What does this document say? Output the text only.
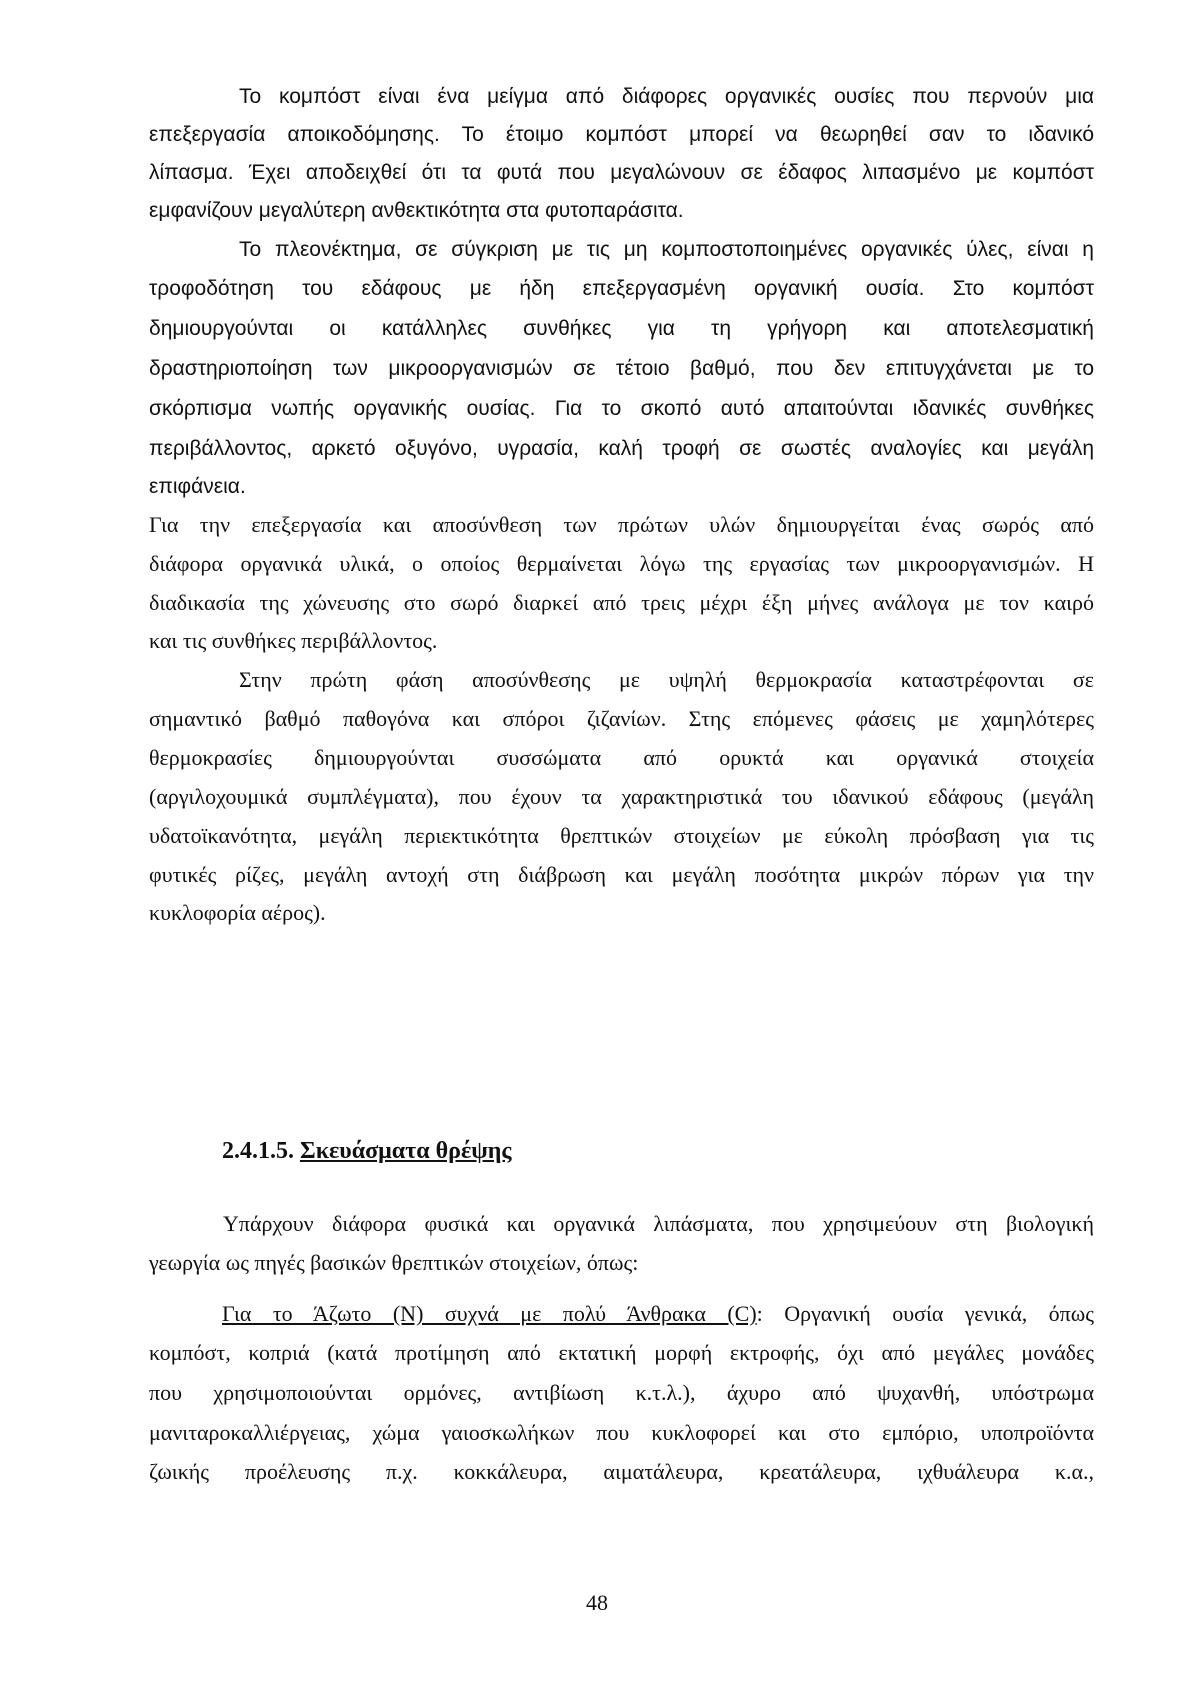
Το κομπόστ είναι ένα μείγμα από διάφορες οργανικές ουσίες που περνούν μια

επεξεργασία αποικοδόμησης. Το έτοιμο κομπόστ μπορεί να θεωρηθεί σαν το ιδανικό

λίπασμα. Έχει αποδειχθεί ότι τα φυτά που μεγαλώνουν σε έδαφος λιπασμένο με κομπόστ

εμφανίζουν μεγαλύτερη ανθεκτικότητα στα φυτοπαράσιτα.

Το πλεονέκτημα, σε σύγκριση με τις μη κομποστοποιημένες οργανικές ύλες, είναι η

τροφοδότηση του εδάφους με ήδη επεξεργασμένη οργανική ουσία. Στο κομπόστ

δημιουργούνται οι κατάλληλες συνθήκες για τη γρήγορη και αποτελεσματική

δραστηριοποίηση των μικροοργανισμών σε τέτοιο βαθμό, που δεν επιτυγχάνεται με το

σκόρπισμα νωπής οργανικής ουσίας. Για το σκοπό αυτό απαιτούνται ιδανικές συνθήκες

περιβάλλοντος, αρκετό οξυγόνο, υγρασία, καλή τροφή σε σωστές αναλογίες και μεγάλη

επιφάνεια.

Για την επεξεργασία και αποσύνθεση των πρώτων υλών δημιουργείται ένας σωρός από

διάφορα οργανικά υλικά, ο οποίος θερμαίνεται λόγω της εργασίας των μικροοργανισμών. Η

διαδικασία της χώνευσης στο σωρό διαρκεί από τρεις μέχρι έξη μήνες ανάλογα με τον καιρό

και τις συνθήκες περιβάλλοντος.

Στην πρώτη φάση αποσύνθεσης με υψηλή θερμοκρασία καταστρέφονται σε

σημαντικό βαθμό παθογόνα και σπόροι ζιζανίων. Στης επόμενες φάσεις με χαμηλότερες

θερμοκρασίες δημιουργούνται συσσώματα από ορυκτά και οργανικά στοιχεία

(αργιλοχουμικά συμπλέγματα), που έχουν τα χαρακτηριστικά του ιδανικού εδάφους (μεγάλη

υδατοϊκανότητα, μεγάλη περιεκτικότητα θρεπτικών στοιχείων με εύκολη πρόσβαση για τις

φυτικές ρίζες, μεγάλη αντοχή στη διάβρωση και μεγάλη ποσότητα μικρών πόρων για την

κυκλοφορία αέρος).

2.4.1.5. Σκευάσματα θρέψης

Υπάρχουν διάφορα φυσικά και οργανικά λιπάσματα, που χρησιμεύουν στη βιολογική

γεωργία ως πηγές βασικών θρεπτικών στοιχείων, όπως:

Για το Άζωτο (Ν) συχνά με πολύ Άνθρακα (C): Οργανική ουσία γενικά, όπως

κομπόστ, κοπριά (κατά προτίμηση από εκτατική μορφή εκτροφής, όχι από μεγάλες μονάδες

που χρησιμοποιούνται ορμόνες, αντιβίωση κ.τ.λ.), άχυρο από ψυχανθή, υπόστρωμα

μανιταροκαλλιέργειας, χώμα γαιοσκωλήκων που κυκλοφορεί και στο εμπόριο, υποπροϊόντα

ζωικής προέλευσης π.χ. κοκκάλευρα, αιματάλευρα, κρεατάλευρα, ιχθυάλευρα κ.α.,

48
